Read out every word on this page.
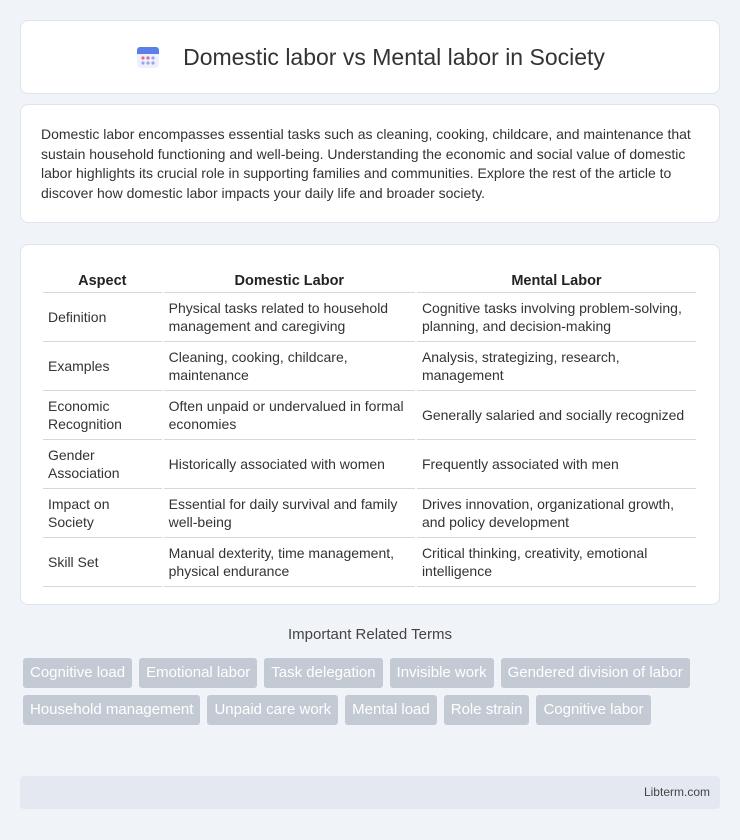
Domestic labor vs Mental labor in Society

Domestic labor encompasses essential tasks such as cleaning, cooking, childcare, and maintenance that sustain household functioning and well-being. Understanding the economic and social value of domestic labor highlights its crucial role in supporting families and communities. Explore the rest of the article to discover how domestic labor impacts your daily life and broader society.

Aspect	Domestic Labor	Mental Labor
Definition	Physical tasks related to household management and caregiving	Cognitive tasks involving problem-solving, planning, and decision-making
Examples	Cleaning, cooking, childcare, maintenance	Analysis, strategizing, research, management
Economic Recognition	Often unpaid or undervalued in formal economies	Generally salaried and socially recognized
Gender Association	Historically associated with women	Frequently associated with men
Impact on Society	Essential for daily survival and family well-being	Drives innovation, organizational growth, and policy development
Skill Set	Manual dexterity, time management, physical endurance	Critical thinking, creativity, emotional intelligence
Important Related Terms
Cognitive load	Emotional labor	Task delegation	Invisible work	Gendered division of labor
Household management	Unpaid care work	Mental load	Role strain	Cognitive labor
Libterm.com
